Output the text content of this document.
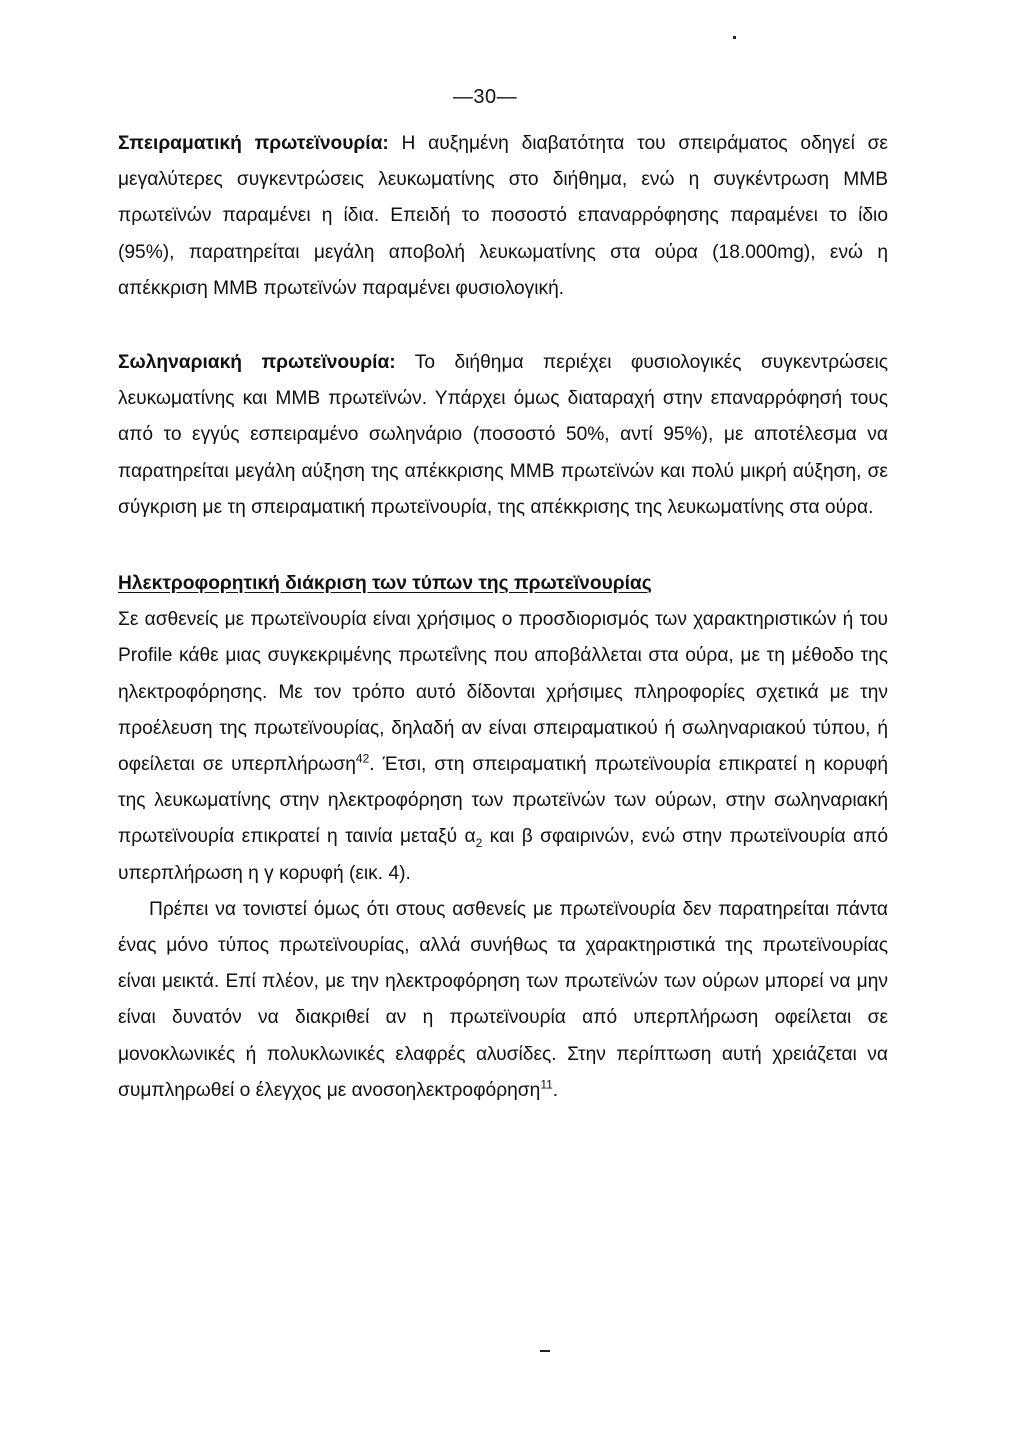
—30—

Σπειραματική πρωτεϊνουρία: Η αυξημένη διαβατότητα του σπειράματος οδηγεί σε μεγαλύτερες συγκεντρώσεις λευκωματίνης στο διήθημα, ενώ η συγκέντρωση ΜΜΒ πρωτεϊνών παραμένει η ίδια. Επειδή το ποσοστό επαναρρόφησης παραμένει το ίδιο (95%), παρατηρείται μεγάλη αποβολή λευκωματίνης στα ούρα (18.000mg), ενώ η απέκκριση ΜΜΒ πρωτεϊνών παραμένει φυσιολογική.

Σωληναριακή πρωτεϊνουρία: Το διήθημα περιέχει φυσιολογικές συγκεντρώσεις λευκωματίνης και ΜΜΒ πρωτεϊνών. Υπάρχει όμως διαταραχή στην επαναρρόφησή τους από το εγγύς εσπειραμένο σωληνάριο (ποσοστό 50%, αντί 95%), με αποτέλεσμα να παρατηρείται μεγάλη αύξηση της απέκκρισης ΜΜΒ πρωτεϊνών και πολύ μικρή αύξηση, σε σύγκριση με τη σπειραματική πρωτεϊνουρία, της απέκκρισης της λευκωματίνης στα ούρα.

Ηλεκτροφορητική διάκριση των τύπων της πρωτεϊνουρίας

Σε ασθενείς με πρωτεϊνουρία είναι χρήσιμος ο προσδιορισμός των χαρακτηριστικών ή του Profile κάθε μιας συγκεκριμένης πρωτεΐνης που αποβάλλεται στα ούρα, με τη μέθοδο της ηλεκτροφόρησης. Με τον τρόπο αυτό δίδονται χρήσιμες πληροφορίες σχετικά με την προέλευση της πρωτεϊνουρίας, δηλαδή αν είναι σπειραματικού ή σωληναριακού τύπου, ή οφείλεται σε υπερπλήρωση$^{42}$. Έτσι, στη σπειραματική πρωτεϊνουρία επικρατεί η κορυφή της λευκωματίνης στην ηλεκτροφόρηση των πρωτεϊνών των ούρων, στην σωληναριακή πρωτεϊνουρία επικρατεί η ταινία μεταξύ $\alpha_2$ και β σφαιρινών, ενώ στην πρωτεϊνουρία από υπερπλήρωση η γ κορυφή (εικ. 4).

Πρέπει να τονιστεί όμως ότι στους ασθενείς με πρωτεϊνουρία δεν παρατηρείται πάντα ένας μόνο τύπος πρωτεϊνουρίας, αλλά συνήθως τα χαρακτηριστικά της πρωτεϊνουρίας είναι μεικτά. Επί πλέον, με την ηλεκτροφόρηση των πρωτεϊνών των ούρων μπορεί να μην είναι δυνατόν να διακριθεί αν η πρωτεϊνουρία από υπερπλήρωση οφείλεται σε μονοκλωνικές ή πολυκλωνικές ελαφρές αλυσίδες. Στην περίπτωση αυτή χρειάζεται να συμπληρωθεί ο έλεγχος με ανοσοηλεκτροφόρηση$^{11}$.
